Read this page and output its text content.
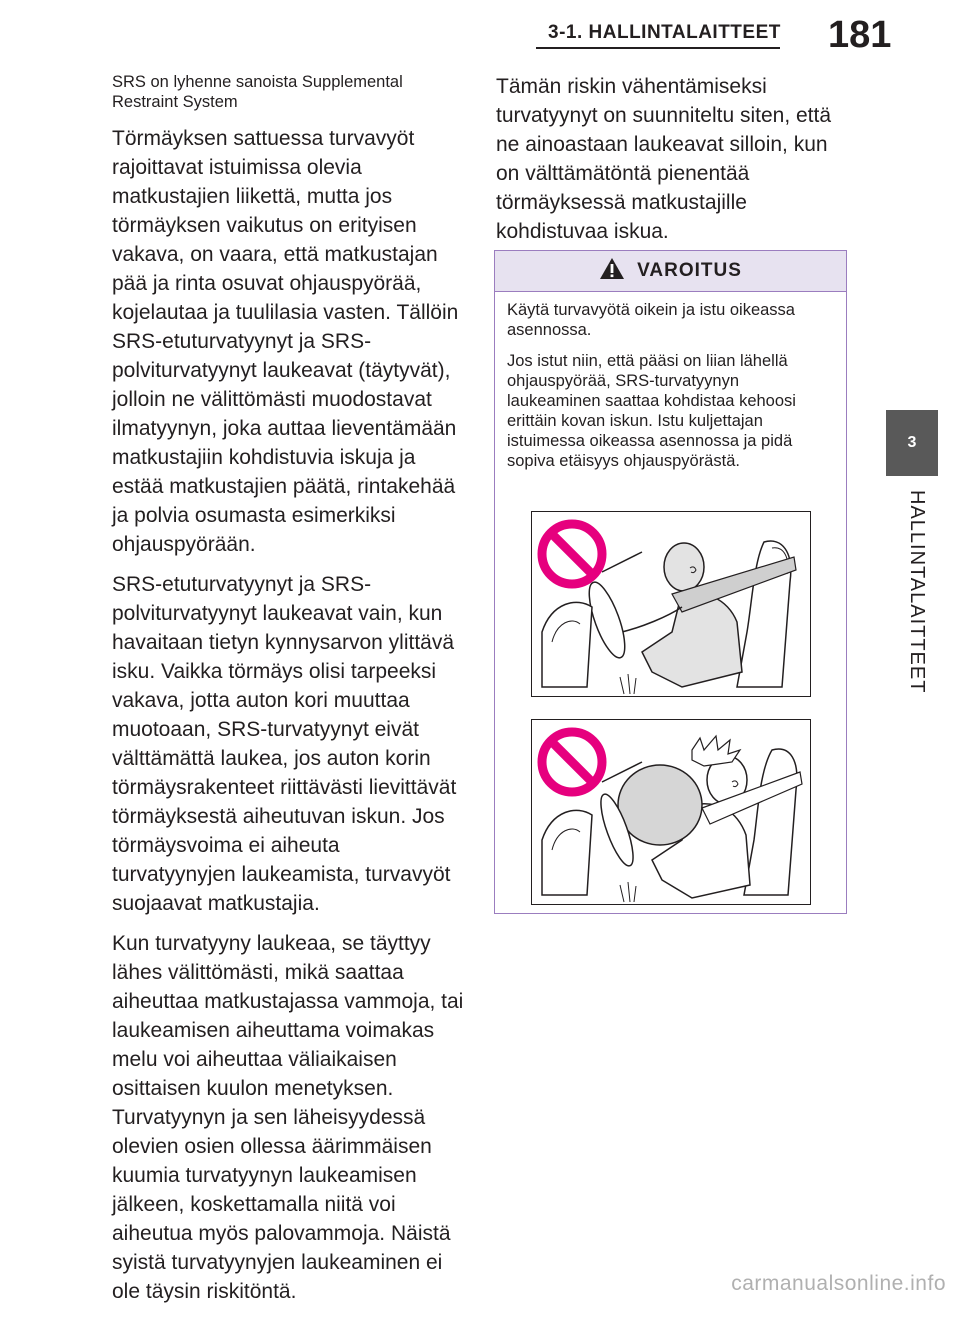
3-1. HALLINTALAITTEET 181
3
HALLINTALAITTEET

SRS on lyhenne sanoista Supplemental Restraint System

Törmäyksen sattuessa turvavyöt rajoittavat istuimissa olevia matkustajien liikettä, mutta jos törmäyksen vaikutus on erityisen vakava, on vaara, että matkustajan pää ja rinta osuvat ohjauspyörää, kojelautaa ja tuulilasia vasten. Tällöin SRS-etuturvatyynyt ja SRS-polviturvatyynyt laukeavat (täytyvät), jolloin ne välittömästi muodostavat ilmatyynyn, joka auttaa lieventämään matkustajiin kohdistuvia iskuja ja estää matkustajien päätä, rintakehää ja polvia osumasta esimerkiksi ohjauspyörään.

SRS-etuturvatyynyt ja SRS-polviturvatyynyt laukeavat vain, kun havaitaan tietyn kynnysarvon ylittävä isku. Vaikka törmäys olisi tarpeeksi vakava, jotta auton kori muuttaa muotoaan, SRS-turvatyynyt eivät välttämättä laukea, jos auton korin törmäysrakenteet riittävästi lievittävät törmäyksestä aiheutuvan iskun. Jos törmäysvoima ei aiheuta turvatyynyjen laukeamista, turvavyöt suojaavat matkustajia.

Kun turvatyyny laukeaa, se täyttyy lähes välittömästi, mikä saattaa aiheuttaa matkustajassa vammoja, tai laukeamisen aiheuttama voimakas melu voi aiheuttaa väliaikaisen osittaisen kuulon menetyksen. Turvatyynyn ja sen läheisyydessä olevien osien ollessa äärimmäisen kuumia turvatyynyn laukeamisen jälkeen, koskettamalla niitä voi aiheutua myös palovammoja. Näistä syistä turvatyynyjen laukeaminen ei ole täysin riskitöntä.

Tämän riskin vähentämiseksi turvatyynyt on suunniteltu siten, että ne ainoastaan laukeavat silloin, kun on välttämätöntä pienentää törmäyksessä matkustajille kohdistuvaa iskua.

VAROITUS

Käytä turvavyötä oikein ja istu oikeassa asennossa.

Jos istut niin, että pääsi on liian lähellä ohjauspyörää, SRS-turvatyynyn laukeaminen saattaa kohdistaa kehoosi erittäin kovan iskun. Istu kuljettajan istuimessa oikeassa asennossa ja pidä sopiva etäisyys ohjauspyörästä.

carmanualsonline.info
